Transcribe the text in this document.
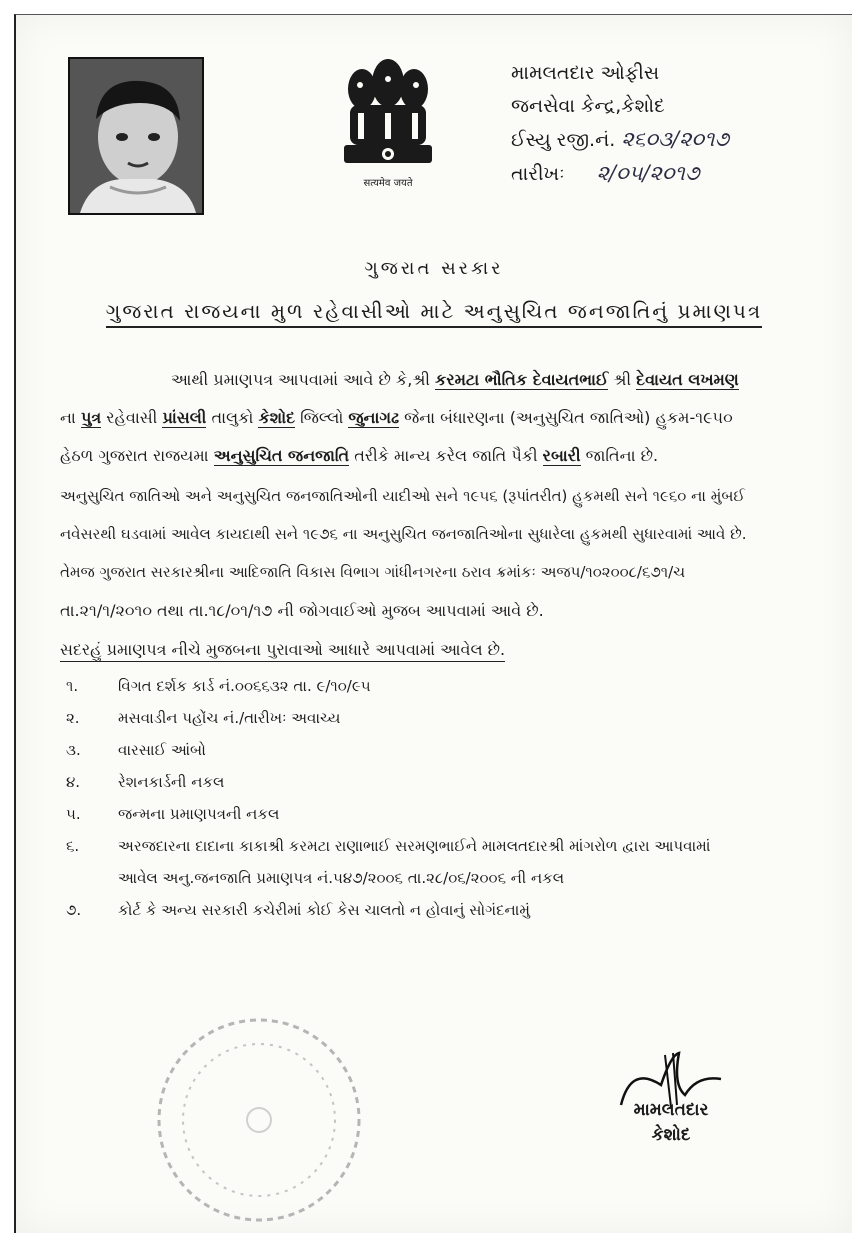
सत्यमेव जयते
મામલતદાર ઓફીસ
જનસેવા કેન્દ્ર,કેશોદ
ઈસ્યુ રજી.નં. ૨૬૦૩/૨૦૧૭
તારીખઃ ૨/૦૫/૨૦૧૭
ગુજરાત સરકાર
ગુજરાત રાજયના મુળ રહેવાસીઓ માટે અનુસુચિત જનજાતિનું પ્રમાણપત્ર
આથી પ્રમાણપત્ર આપવામાં આવે છે કે,શ્રી કરમટા ભૌતિક દેવાયતભાઈ શ્રી દેવાયત લખમણ
ના પુત્ર રહેવાસી પ્રાંસલી તાલુકો કેશોદ જિલ્લો જુનાગઢ જેના બંધારણના (અનુસુચિત જાતિઓ) હુકમ-૧૯૫૦
હેઠળ ગુજરાત રાજયમા અનુસુચિત જનજાતિ તરીકે માન્ય કરેલ જાતિ પૈકી રબારી જાતિના છે.
અનુસુચિત જાતિઓ અને અનુસુચિત જનજાતિઓની યાદીઓ સને ૧૯૫૬ (રૂપાંતરીત) હુકમથી સને ૧૯૬૦ ના મુંબઈ
નવેસરથી ઘડવામાં આવેલ કાયદાથી સને ૧૯૭૬ ના અનુસુચિત જનજાતિઓના સુધારેલા હુકમથી સુધારવામાં આવે છે.
તેમજ ગુજરાત સરકારશ્રીના આદિજાતિ વિકાસ વિભાગ ગાંધીનગરના ઠરાવ ક્રમાંકઃ અજપ/૧૦૨૦૦૮/૬૭૧/ચ
તા.૨૧/૧/૨૦૧૦ તથા તા.૧૮/૦૧/૧૭ ની જોગવાઈઓ મુજબ આપવામાં આવે છે.
સદરહું પ્રમાણપત્ર નીચે મુજબના પુરાવાઓ આધારે આપવામાં આવેલ છે.
૧.	વિગત દર્શક કાર્ડ નં.૦૦૬૬૩૨ તા. ૯/૧૦/૯૫
૨.	મસવાડીન પહોંચ નં./તારીખઃ અવાચ્ય
૩. વારસાઈ આંબો
૪.	રેશનકાર્ડની નકલ
૫. જન્મના પ્રમાણપત્રની નકલ
૬.	અરજદારના દાદાના કાકાશ્રી કરમટા રાણાભાઈ સરમણભાઈને મામલતદારશ્રી માંગરોળ દ્વારા આપવામાં
આવેલ અનુ.જનજાતિ પ્રમાણપત્ર નં.૫૪૭/૨૦૦૬ તા.૨૮/૦૬/૨૦૦૬ ની નકલ
૭. કોર્ટ કે અન્ય સરકારી કચેરીમાં કોઈ કેસ ચાલતો ન હોવાનું સોગંદનામું
મામલતદાર
કેશોદ
